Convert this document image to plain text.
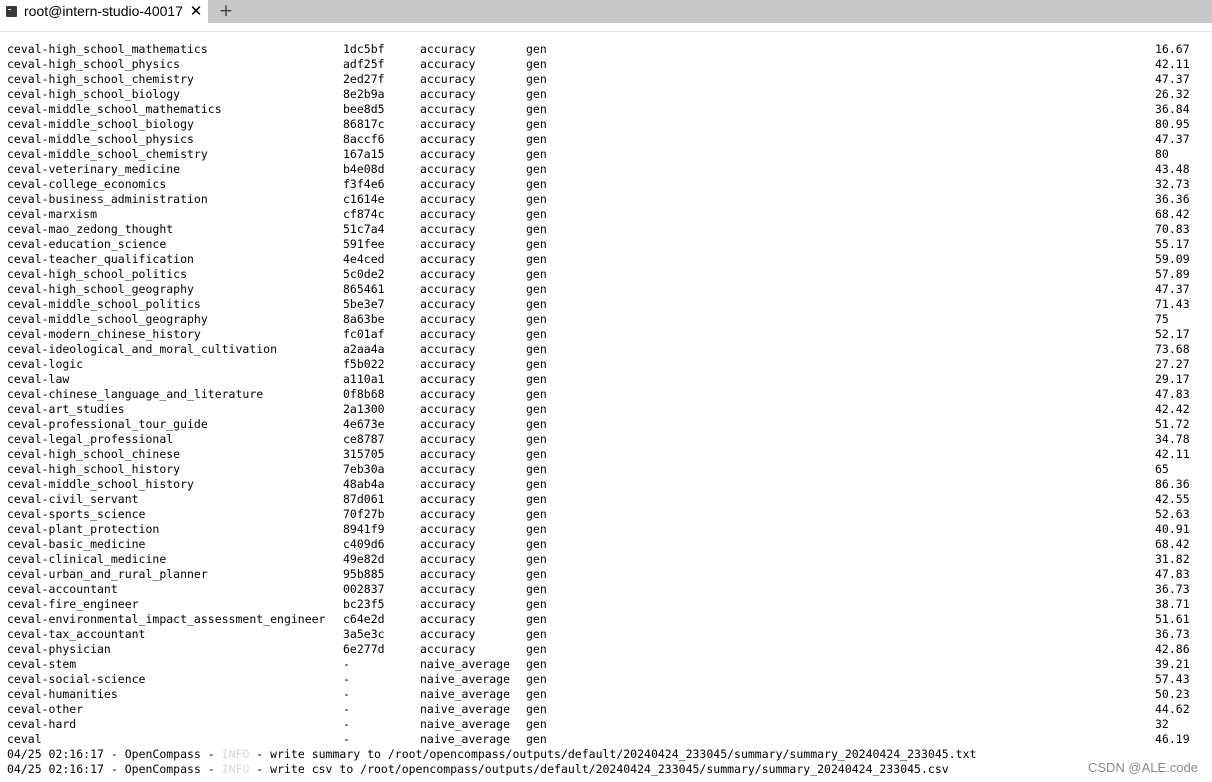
root@intern-studio-40017 ✕ +
ceval-high_school_mathematics	1dc5bf	accuracy	gen	16.67
ceval-high_school_physics	adf25f	accuracy	gen	42.11
ceval-high_school_chemistry	2ed27f	accuracy	gen	47.37
ceval-high_school_biology	8e2b9a	accuracy	gen	26.32
ceval-middle_school_mathematics	bee8d5	accuracy	gen	36.84
ceval-middle_school_biology	86817c	accuracy	gen	80.95
ceval-middle_school_physics	8accf6	accuracy	gen	47.37
ceval-middle_school_chemistry	167a15	accuracy	gen	80
ceval-veterinary_medicine	b4e08d	accuracy	gen	43.48
ceval-college_economics	f3f4e6	accuracy	gen	32.73
ceval-business_administration	c1614e	accuracy	gen	36.36
ceval-marxism	cf874c	accuracy	gen	68.42
ceval-mao_zedong_thought	51c7a4	accuracy	gen	70.83
ceval-education_science	591fee	accuracy	gen	55.17
ceval-teacher_qualification	4e4ced	accuracy	gen	59.09
ceval-high_school_politics	5c0de2	accuracy	gen	57.89
ceval-high_school_geography	865461	accuracy	gen	47.37
ceval-middle_school_politics	5be3e7	accuracy	gen	71.43
ceval-middle_school_geography	8a63be	accuracy	gen	75
ceval-modern_chinese_history	fc01af	accuracy	gen	52.17
ceval-ideological_and_moral_cultivation	a2aa4a	accuracy	gen	73.68
ceval-logic	f5b022	accuracy	gen	27.27
ceval-law	a110a1	accuracy	gen	29.17
ceval-chinese_language_and_literature	0f8b68	accuracy	gen	47.83
ceval-art_studies	2a1300	accuracy	gen	42.42
ceval-professional_tour_guide	4e673e	accuracy	gen	51.72
ceval-legal_professional	ce8787	accuracy	gen	34.78
ceval-high_school_chinese	315705	accuracy	gen	42.11
ceval-high_school_history	7eb30a	accuracy	gen	65
ceval-middle_school_history	48ab4a	accuracy	gen	86.36
ceval-civil_servant	87d061	accuracy	gen	42.55
ceval-sports_science	70f27b	accuracy	gen	52.63
ceval-plant_protection	8941f9	accuracy	gen	40.91
ceval-basic_medicine	c409d6	accuracy	gen	68.42
ceval-clinical_medicine	49e82d	accuracy	gen	31.82
ceval-urban_and_rural_planner	95b885	accuracy	gen	47.83
ceval-accountant	002837	accuracy	gen	36.73
ceval-fire_engineer	bc23f5	accuracy	gen	38.71
ceval-environmental_impact_assessment_engineer c64e2d	accuracy	gen	51.61
ceval-tax_accountant	3a5e3c	accuracy	gen	36.73
ceval-physician	6e277d	accuracy	gen	42.86
ceval-stem	-	naive_average gen	39.21
ceval-social-science	-	naive_average gen	57.43
ceval-humanities	-	naive_average gen	50.23
ceval-other	-	naive_average gen	44.62
ceval-hard	-	naive_average gen	32
ceval	-	naive_average gen	46.19
04/25 02:16:17 - OpenCompass - INFO - write summary to /root/opencompass/outputs/default/20240424_233045/summary/summary_20240424_233045.txt
04/25 02:16:17 - OpenCompass - INFO - write csv to /root/opencompass/outputs/default/20240424_233045/summary/summary_20240424_233045.csv	CSDN @ALE.code
